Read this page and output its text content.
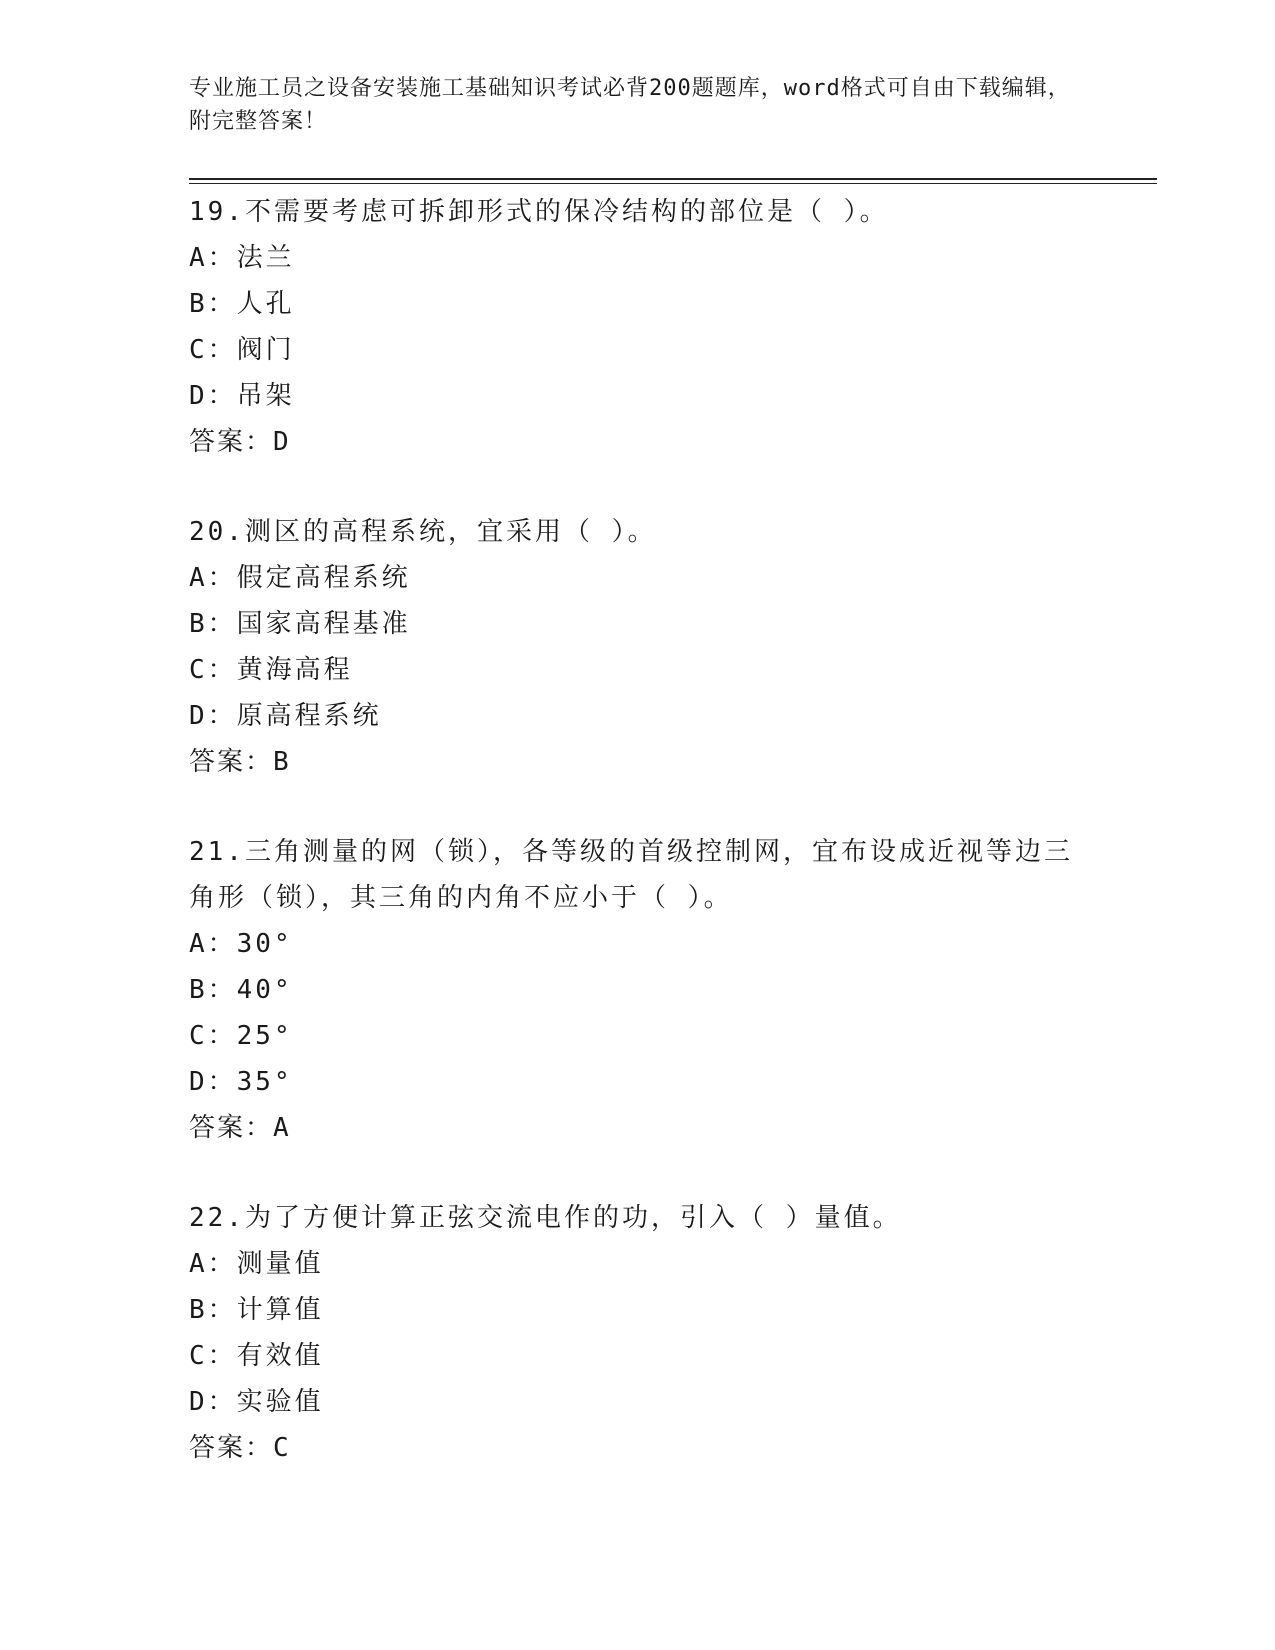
专业施工员之设备安装施工基础知识考试必背200题题库，word格式可自由下载编辑，附完整答案！
19.不需要考虑可拆卸形式的保冷结构的部位是（ ）。
A：法兰
B：人孔
C：阀门
D：吊架
答案：D
20.测区的高程系统，宜采用（ ）。
A：假定高程系统
B：国家高程基准
C：黄海高程
D：原高程系统
答案：B
21.三角测量的网（锁），各等级的首级控制网，宜布设成近视等边三
角形（锁），其三角的内角不应小于（ ）。
A：30°
B：40°
C：25°
D：35°
答案：A
22.为了方便计算正弦交流电作的功，引入（ ）量值。
A：测量值
B：计算值
C：有效值
D：实验值
答案：C
